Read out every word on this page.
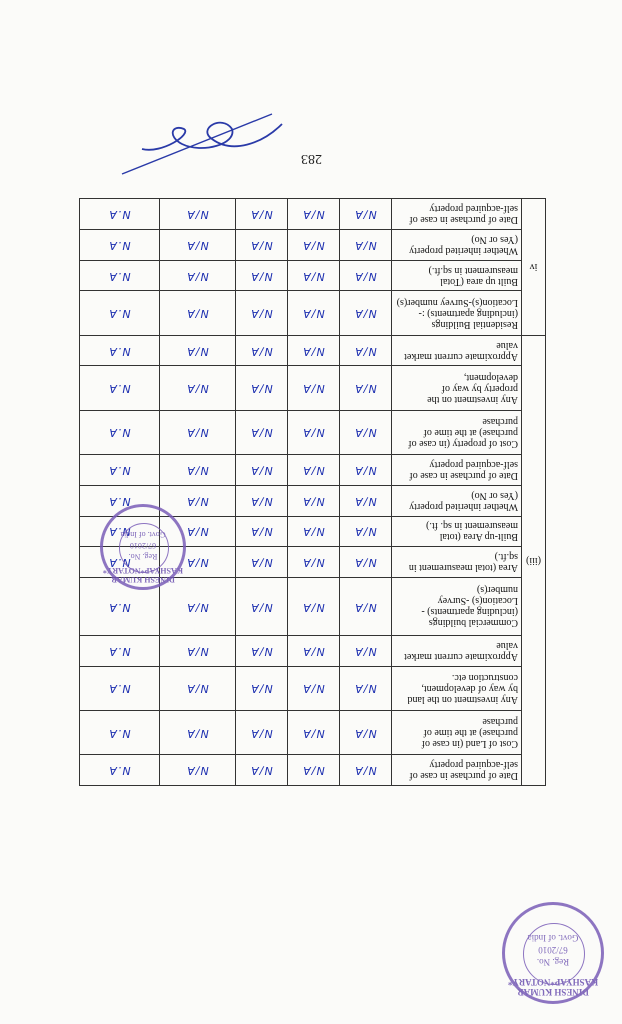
(iii)	Date of purchase in case of self-acquired property	N/A	N/A	N/A	N/A	N.A
	Cost of Land (in case of purchase) at the time of purchase	N/A	N/A	N/A	N/A	N.A
	Any investment on the land by way of development, construction etc.	N/A	N/A	N/A	N/A	N.A
	Approximate current market value	N/A	N/A	N/A	N/A	N.A
	Commercial buildings (including apartments) -Location(s) -Survey number(s)	N/A	N/A	N/A	N/A	N.A
	Area (total measurement in sq.ft.)	N/A	N/A	N/A	N/A	N.A
	Built-up Area (total measurement in sq. ft.)	N/A	N/A	N/A	N/A	N.A
	Whether inherited property (Yes or No)	N/A	N/A	N/A	N/A	N.A
	Date of purchase in case of self-acquired property	N/A	N/A	N/A	N/A	N.A
	Cost of property (in case of purchase) at the time of purchase	N/A	N/A	N/A	N/A	N.A
	Any investment on the property by way of development,	N/A	N/A	N/A	N/A	N.A
	Approximate current market value	N/A	N/A	N/A	N/A	N.A
iv	Residential Buildings (including apartments) :- Location(s)-Survey number(s)	N/A	N/A	N/A	N/A	N.A
	Built up area (Total measurement in sq.ft.)	N/A	N/A	N/A	N/A	N.A
	Whether inherited property (Yes or No)	N/A	N/A	N/A	N/A	N.A
	Date of purchase in case of self-acquired property	N/A	N/A	N/A	N/A	N.A
283
DINESH KUMAR KASHYAP*NOTARY*
Reg. No.
67/2010
Govt. of India
DINESH KUMAR KASHYAP*NOTARY*
Reg. No.
67/2010
Govt. of India
